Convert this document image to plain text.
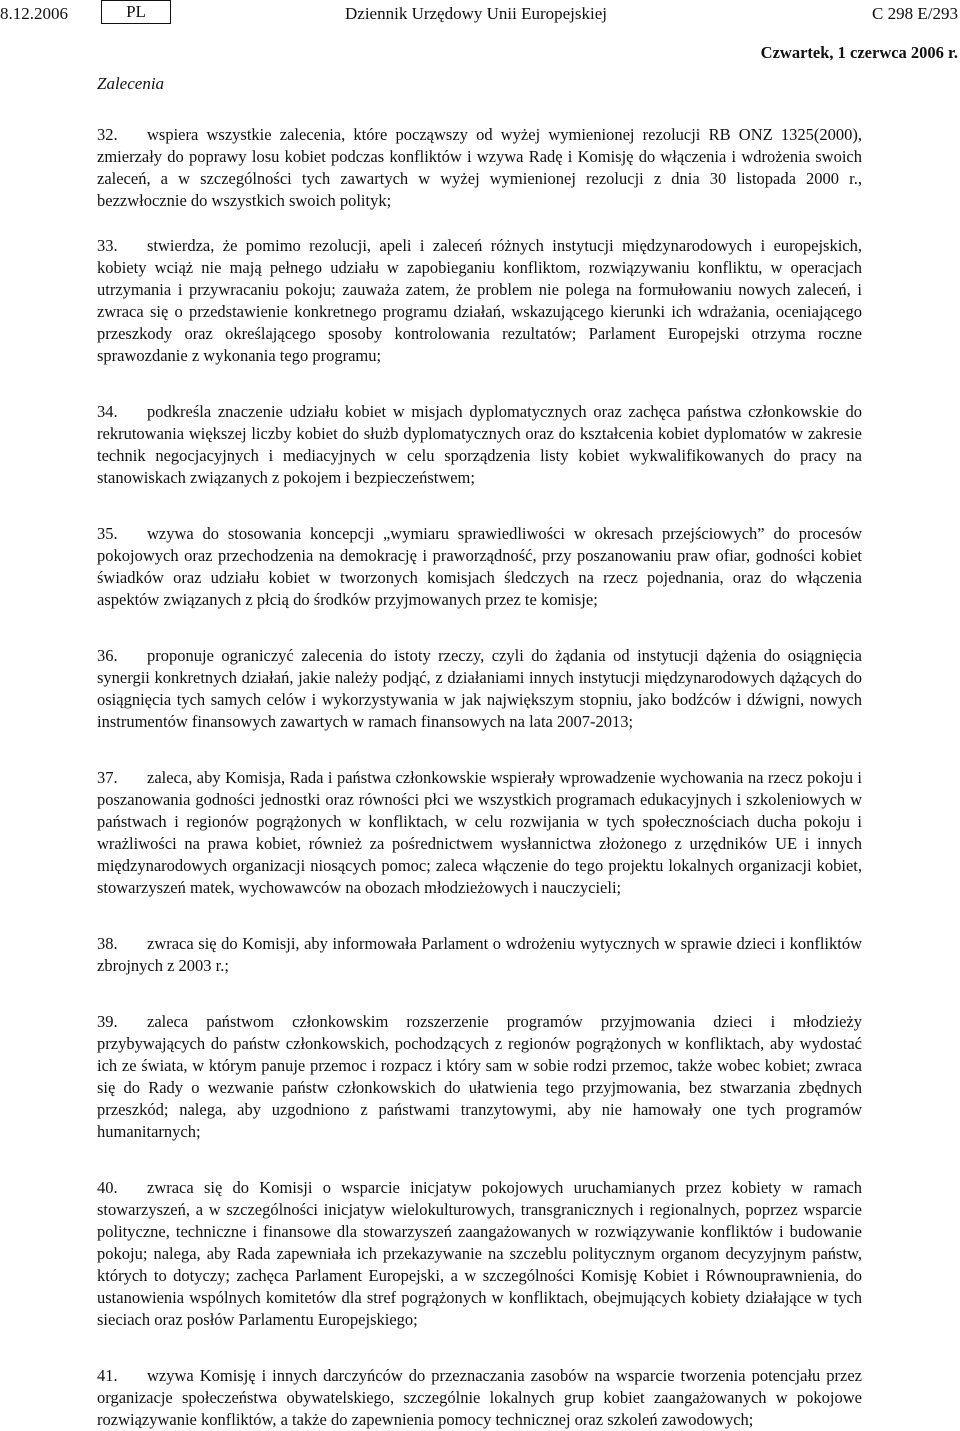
8.12.2006	PL	Dziennik Urzędowy Unii Europejskiej	C 298 E/293
Czwartek, 1 czerwca 2006 r.
Zalecenia

32. wspiera wszystkie zalecenia, które począwszy od wyżej wymienionej rezolucji RB ONZ 1325(2000), zmierzały do poprawy losu kobiet podczas konfliktów i wzywa Radę i Komisję do włączenia i wdrożenia swoich zaleceń, a w szczególności tych zawartych w wyżej wymienionej rezolucji z dnia 30 listopada 2000 r., bezzwłocznie do wszystkich swoich polityk;

33. stwierdza, że pomimo rezolucji, apeli i zaleceń różnych instytucji międzynarodowych i europejskich, kobiety wciąż nie mają pełnego udziału w zapobieganiu konfliktom, rozwiązywaniu konfliktu, w operacjach utrzymania i przywracaniu pokoju; zauważa zatem, że problem nie polega na formułowaniu nowych zaleceń, i zwraca się o przedstawienie konkretnego programu działań, wskazującego kierunki ich wdrażania, oceniającego przeszkody oraz określającego sposoby kontrolowania rezultatów; Parlament Europejski otrzyma roczne sprawozdanie z wykonania tego programu;

34. podkreśla znaczenie udziału kobiet w misjach dyplomatycznych oraz zachęca państwa członkowskie do rekrutowania większej liczby kobiet do służb dyplomatycznych oraz do kształcenia kobiet dyplomatów w zakresie technik negocjacyjnych i mediacyjnych w celu sporządzenia listy kobiet wykwalifikowanych do pracy na stanowiskach związanych z pokojem i bezpieczeństwem;

35. wzywa do stosowania koncepcji „wymiaru sprawiedliwości w okresach przejściowych” do procesów pokojowych oraz przechodzenia na demokrację i praworządność, przy poszanowaniu praw ofiar, godności kobiet świadków oraz udziału kobiet w tworzonych komisjach śledczych na rzecz pojednania, oraz do włączenia aspektów związanych z płcią do środków przyjmowanych przez te komisje;

36. proponuje ograniczyć zalecenia do istoty rzeczy, czyli do żądania od instytucji dążenia do osiągnięcia synergii konkretnych działań, jakie należy podjąć, z działaniami innych instytucji międzynarodowych dążących do osiągnięcia tych samych celów i wykorzystywania w jak największym stopniu, jako bodźców i dźwigni, nowych instrumentów finansowych zawartych w ramach finansowych na lata 2007-2013;

37. zaleca, aby Komisja, Rada i państwa członkowskie wspierały wprowadzenie wychowania na rzecz pokoju i poszanowania godności jednostki oraz równości płci we wszystkich programach edukacyjnych i szkoleniowych w państwach i regionów pogrążonych w konfliktach, w celu rozwijania w tych społecznościach ducha pokoju i wrażliwości na prawa kobiet, również za pośrednictwem wysłannictwa złożonego z urzędników UE i innych międzynarodowych organizacji niosących pomoc; zaleca włączenie do tego projektu lokalnych organizacji kobiet, stowarzyszeń matek, wychowawców na obozach młodzieżowych i nauczycieli;

38. zwraca się do Komisji, aby informowała Parlament o wdrożeniu wytycznych w sprawie dzieci i konfliktów zbrojnych z 2003 r.;

39. zaleca państwom członkowskim rozszerzenie programów przyjmowania dzieci i młodzieży przybywających do państw członkowskich, pochodzących z regionów pogrążonych w konfliktach, aby wydostać ich ze świata, w którym panuje przemoc i rozpacz i który sam w sobie rodzi przemoc, także wobec kobiet; zwraca się do Rady o wezwanie państw członkowskich do ułatwienia tego przyjmowania, bez stwarzania zbędnych przeszkód; nalega, aby uzgodniono z państwami tranzytowymi, aby nie hamowały one tych programów humanitarnych;

40. zwraca się do Komisji o wsparcie inicjatyw pokojowych uruchamianych przez kobiety w ramach stowarzyszeń, a w szczególności inicjatyw wielokulturowych, transgranicznych i regionalnych, poprzez wsparcie polityczne, techniczne i finansowe dla stowarzyszeń zaangażowanych w rozwiązywanie konfliktów i budowanie pokoju; nalega, aby Rada zapewniała ich przekazywanie na szczeblu politycznym organom decyzyjnym państw, których to dotyczy; zachęca Parlament Europejski, a w szczególności Komisję Kobiet i Równouprawnienia, do ustanowienia wspólnych komitetów dla stref pogrążonych w konfliktach, obejmujących kobiety działające w tych sieciach oraz posłów Parlamentu Europejskiego;

41. wzywa Komisję i innych darczyńców do przeznaczania zasobów na wsparcie tworzenia potencjału przez organizacje społeczeństwa obywatelskiego, szczególnie lokalnych grup kobiet zaangażowanych w pokojowe rozwiązywanie konfliktów, a także do zapewnienia pomocy technicznej oraz szkoleń zawodowych;
